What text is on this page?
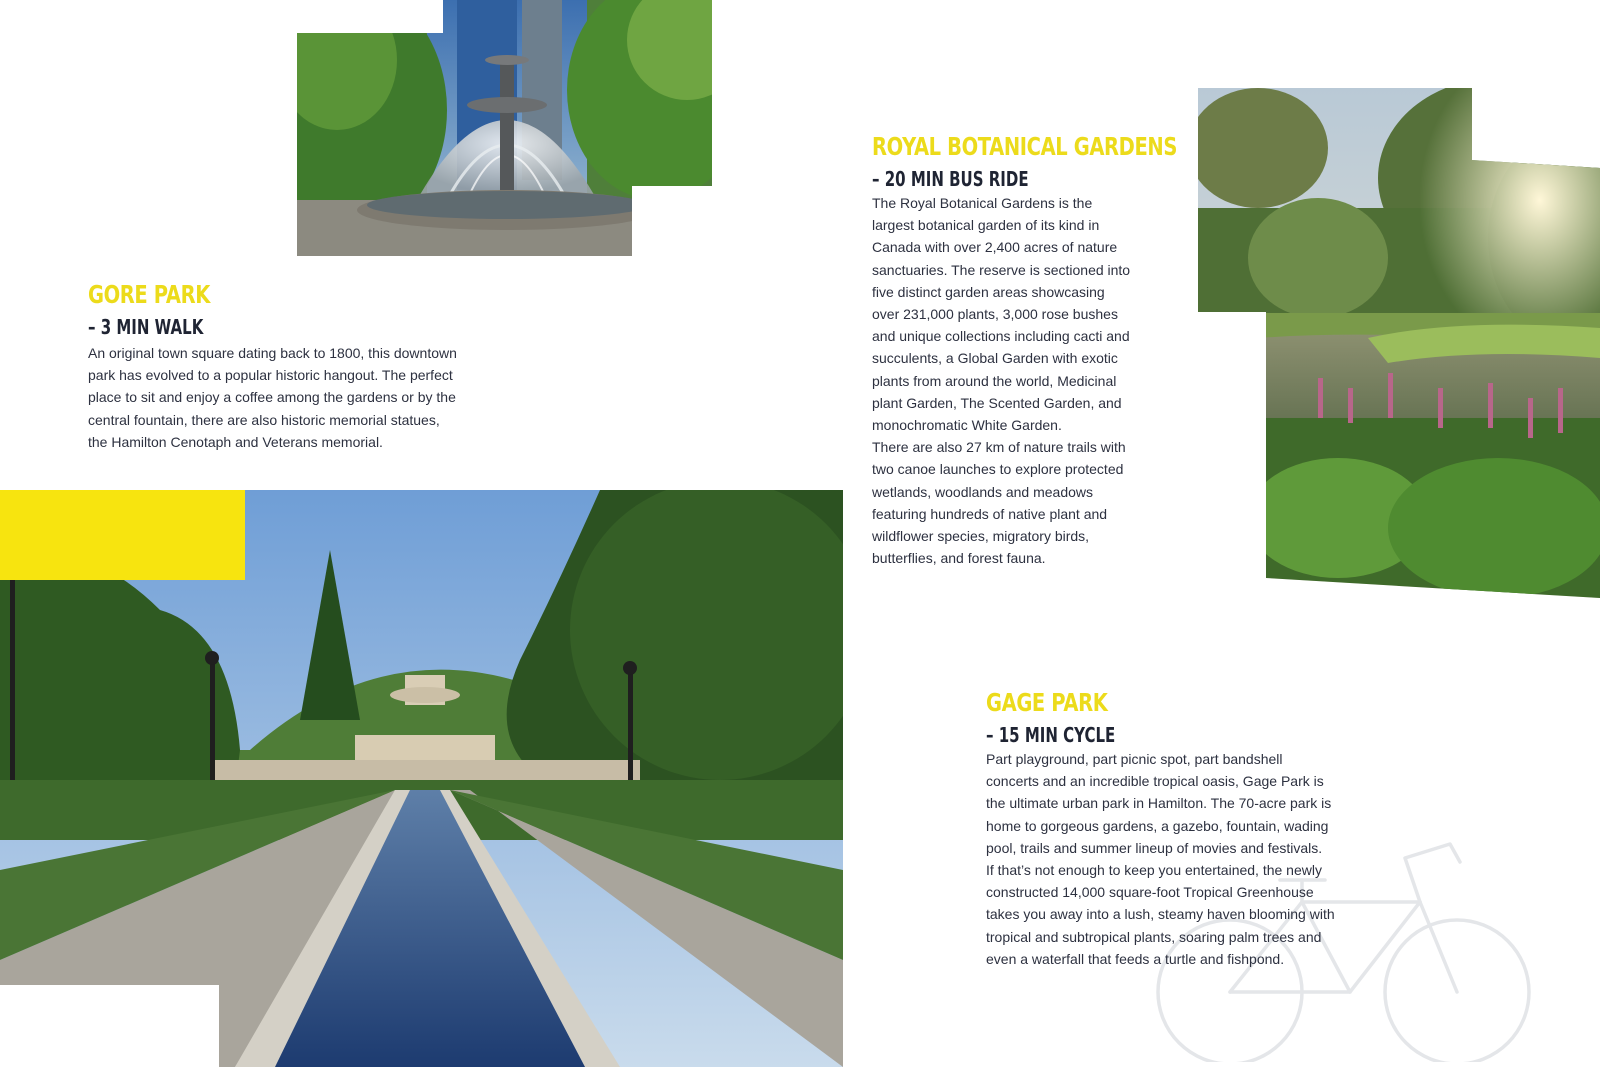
GORE PARK
– 3 MIN WALK
An original town square dating back to 1800, this downtown
park has evolved to a popular historic hangout. The perfect
place to sit and enjoy a coffee among the gardens or by the
central fountain, there are also historic memorial statues,
the Hamilton Cenotaph and Veterans memorial.
ROYAL BOTANICAL GARDENS
– 20 MIN BUS RIDE
The Royal Botanical Gardens is the
largest botanical garden of its kind in
Canada with over 2,400 acres of nature
sanctuaries. The reserve is sectioned into
five distinct garden areas showcasing
over 231,000 plants, 3,000 rose bushes
and unique collections including cacti and
succulents, a Global Garden with exotic
plants from around the world, Medicinal
plant Garden, The Scented Garden, and
monochromatic White Garden.
There are also 27 km of nature trails with
two canoe launches to explore protected
wetlands, woodlands and meadows
featuring hundreds of native plant and
wildflower species, migratory birds,
butterflies, and forest fauna.
GAGE PARK
– 15 MIN CYCLE
Part playground, part picnic spot, part bandshell
concerts and an incredible tropical oasis, Gage Park is
the ultimate urban park in Hamilton. The 70-acre park is
home to gorgeous gardens, a gazebo, fountain, wading
pool, trails and summer lineup of movies and festivals.
If that’s not enough to keep you entertained, the newly
constructed 14,000 square-foot Tropical Greenhouse
takes you away into a lush, steamy haven blooming with
tropical and subtropical plants, soaring palm trees and
even a waterfall that feeds a turtle and fishpond.
